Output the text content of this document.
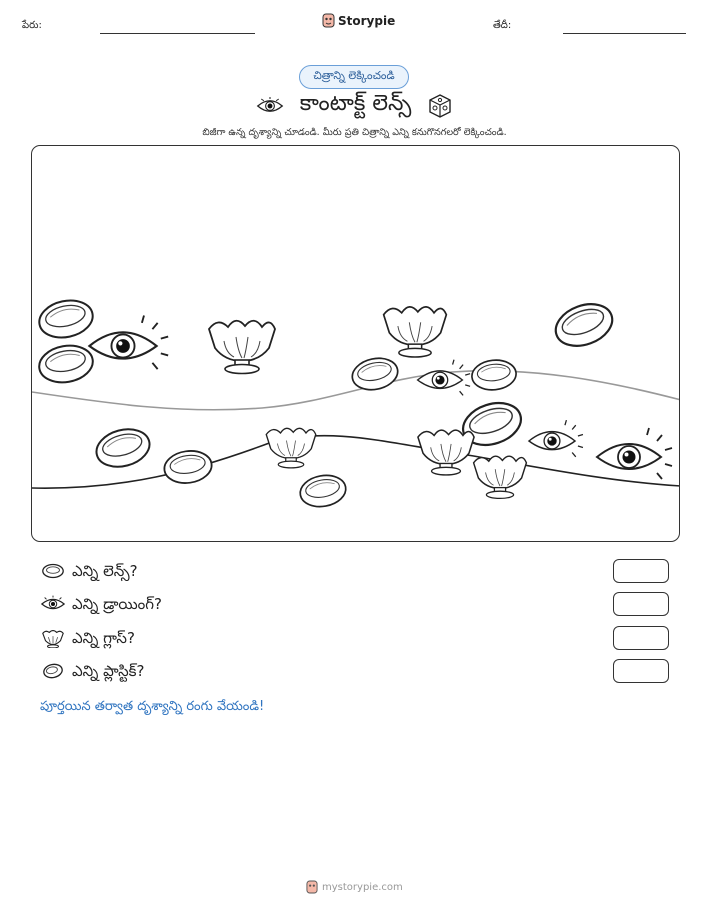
పేరు:	Storypie	తేదీ:
చిత్రాన్ని లెక్కించండి
కాంటాక్ట్ లెన్స్
బిజీగా ఉన్న దృశ్యాన్ని చూడండి. మీరు ప్రతి చిత్రాన్ని ఎన్ని కనుగొనగలరో లెక్కించండి.
ఎన్ని లెన్స్?
ఎన్ని డ్రాయింగ్?
ఎన్ని గ్లాస్?
ఎన్ని ప్లాస్టిక్?
పూర్తయిన తర్వాత దృశ్యాన్ని రంగు వేయండి!
mystorypie.com
